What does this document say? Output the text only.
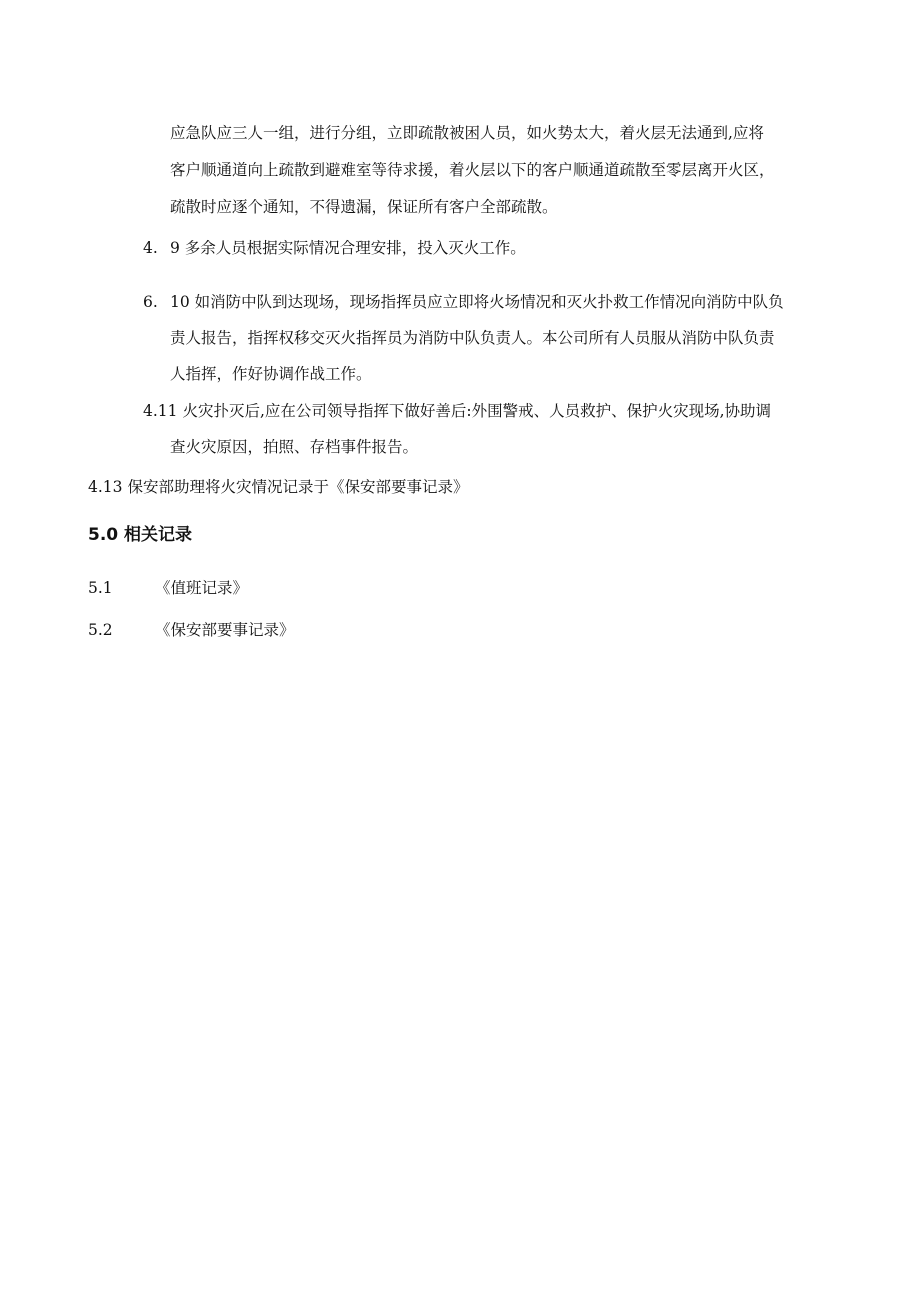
应急队应三人一组，进行分组，立即疏散被困人员，如火势太大，着火层无法通到,应将
客户顺通道向上疏散到避难室等待求援，着火层以下的客户顺通道疏散至零层离开火区，
疏散时应逐个通知，不得遗漏，保证所有客户全部疏散。
4. 9 多余人员根据实际情况合理安排，投入灭火工作。
6. 10 如消防中队到达现场，现场指挥员应立即将火场情况和灭火扑救工作情况向消防中队负
责人报告，指挥权移交灭火指挥员为消防中队负责人。本公司所有人员服从消防中队负责
人指挥，作好协调作战工作。
4.11 火灾扑灭后,应在公司领导指挥下做好善后:外围警戒、人员救护、保护火灾现场,协助调
查火灾原因，拍照、存档事件报告。
4.13 保安部助理将火灾情况记录于《保安部要事记录》
5.0 相关记录
5.1	《值班记录》
5.2	《保安部要事记录》
